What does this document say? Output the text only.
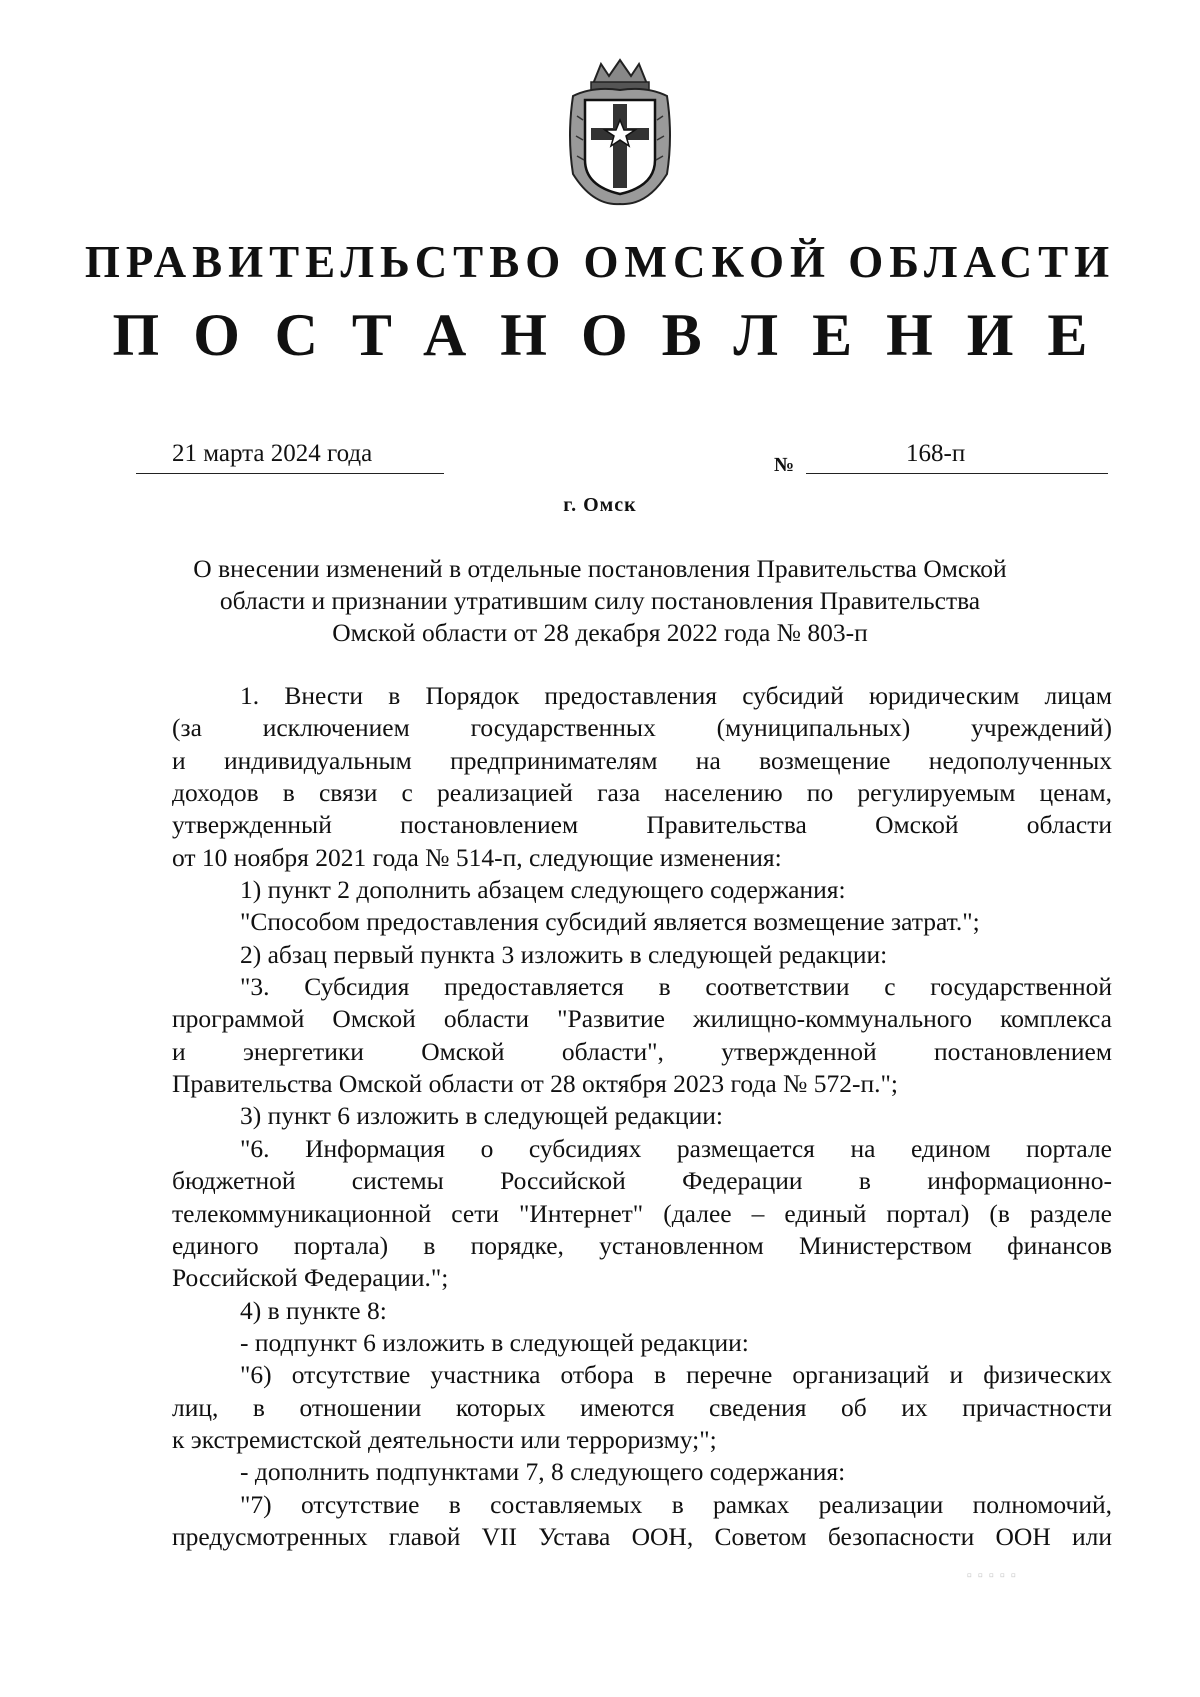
ПРАВИТЕЛЬСТВО ОМСКОЙ ОБЛАСТИ
ПОСТАНОВЛЕНИЕ
21 марта 2024 года	№	168-п
г. Омск
О внесении изменений в отдельные постановления Правительства Омской
области и признании утратившим силу постановления Правительства
Омской области от 28 декабря 2022 года № 803-п
1. Внести в Порядок предоставления субсидий юридическим лицам
(за исключением государственных (муниципальных) учреждений)
и индивидуальным предпринимателям на возмещение недополученных
доходов в связи с реализацией газа населению по регулируемым ценам,
утвержденный постановлением Правительства Омской области
от 10 ноября 2021 года № 514-п, следующие изменения:
1) пункт 2 дополнить абзацем следующего содержания:
"Способом предоставления субсидий является возмещение затрат.";
2) абзац первый пункта 3 изложить в следующей редакции:
"3. Субсидия предоставляется в соответствии с государственной
программой Омской области "Развитие жилищно-коммунального комплекса
и энергетики Омской области", утвержденной постановлением
Правительства Омской области от 28 октября 2023 года № 572-п.";
3) пункт 6 изложить в следующей редакции:
"6. Информация о субсидиях размещается на едином портале
бюджетной системы Российской Федерации в информационно-
телекоммуникационной сети "Интернет" (далее – единый портал) (в разделе
единого портала) в порядке, установленном Министерством финансов
Российской Федерации.";
4) в пункте 8:
- подпункт 6 изложить в следующей редакции:
"6) отсутствие участника отбора в перечне организаций и физических
лиц, в отношении которых имеются сведения об их причастности
к экстремистской деятельности или терроризму;";
- дополнить подпунктами 7, 8 следующего содержания:
"7) отсутствие в составляемых в рамках реализации полномочий,
предусмотренных главой VII Устава ООН, Советом безопасности ООН или
▫▫▫▫▫
